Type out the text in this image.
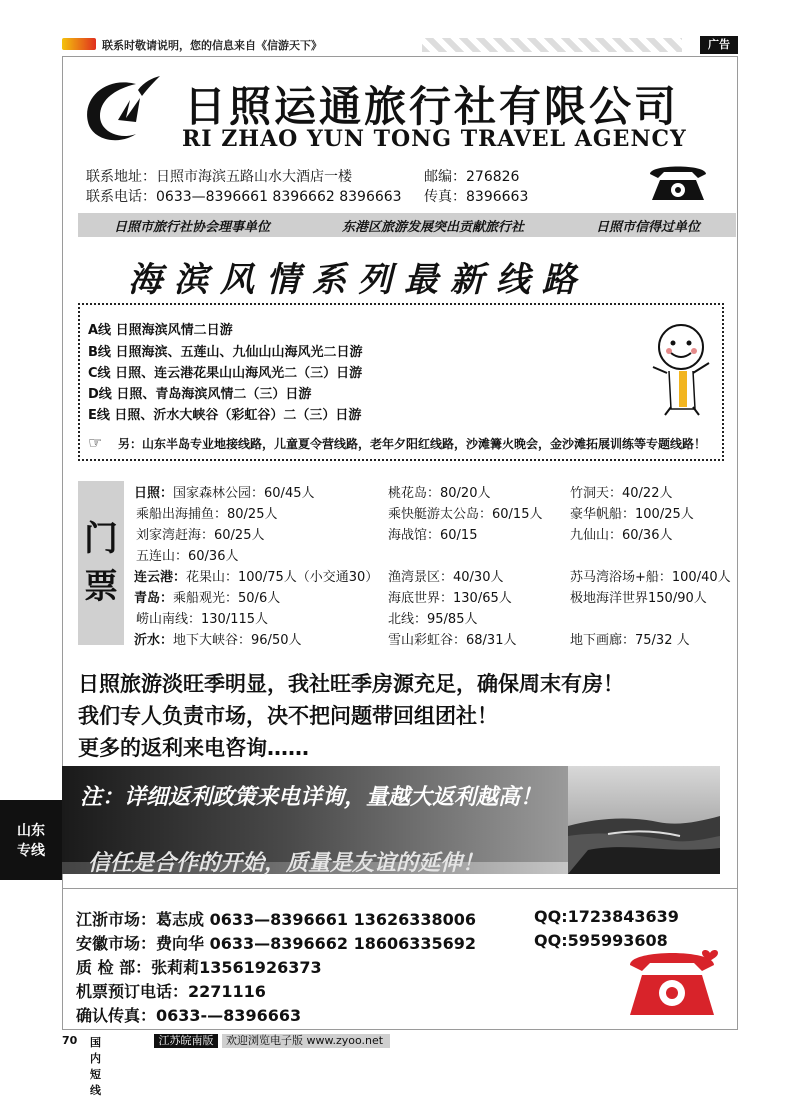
联系时敬请说明，您的信息来自《信游天下》	广告
日照运通旅行社有限公司
RI ZHAO YUN TONG TRAVEL AGENCY
联系地址：日照市海滨五路山水大酒店一楼	邮编：276826
联系电话：0633—8396661 8396662 8396663 传真：8396663
日照市旅行社协会理事单位	东港区旅游发展突出贡献旅行社	日照市信得过单位
海滨风情系列最新线路
A线 日照海滨风情二日游
B线 日照海滨、五莲山、九仙山山海风光二日游
C线 日照、连云港花果山山海风光二（三）日游
D线 日照、青岛海滨风情二（三）日游
E线 日照、沂水大峡谷（彩虹谷）二（三）日游
☞ 另：山东半岛专业地接线路，儿童夏令营线路，老年夕阳红线路，沙滩篝火晚会，金沙滩拓展训练等专题线路！
门
票
日照：国家森林公园：60/45人	桃花岛：80/20人	竹洞天：40/22人
乘船出海捕鱼：80/25人	乘快艇游太公岛：60/15人 豪华帆船：100/25人
刘家湾赶海：60/25人	海战馆：60/15	九仙山：60/36人
五连山：60/36人
连云港：花果山：100/75人（小交通30） 渔湾景区：40/30人	苏马湾浴场+船：100/40人
青岛：乘船观光：50/6人	海底世界：130/65人	极地海洋世界150/90人
崂山南线：130/115人	北线：95/85人
沂水：地下大峡谷：96/50人	雪山彩虹谷：68/31人	地下画廊：75/32 人
日照旅游淡旺季明显，我社旺季房源充足，确保周末有房！
我们专人负责市场，决不把问题带回组团社！
更多的返利来电咨询……
注：详细返利政策来电详询，量越大返利越高！
信任是合作的开始，质量是友谊的延伸！
山东
专线
江浙市场：葛志成 0633—8396661 13626338006	QQ:1723843639
安徽市场：费向华 0633—8396662 18606335692	QQ:595993608
质 检 部：张莉莉13561926373
机票预订电话：2271116
确认传真：0633-—8396663
70 国内短线
江苏皖南版	欢迎浏览电子版 www.zyoo.net
